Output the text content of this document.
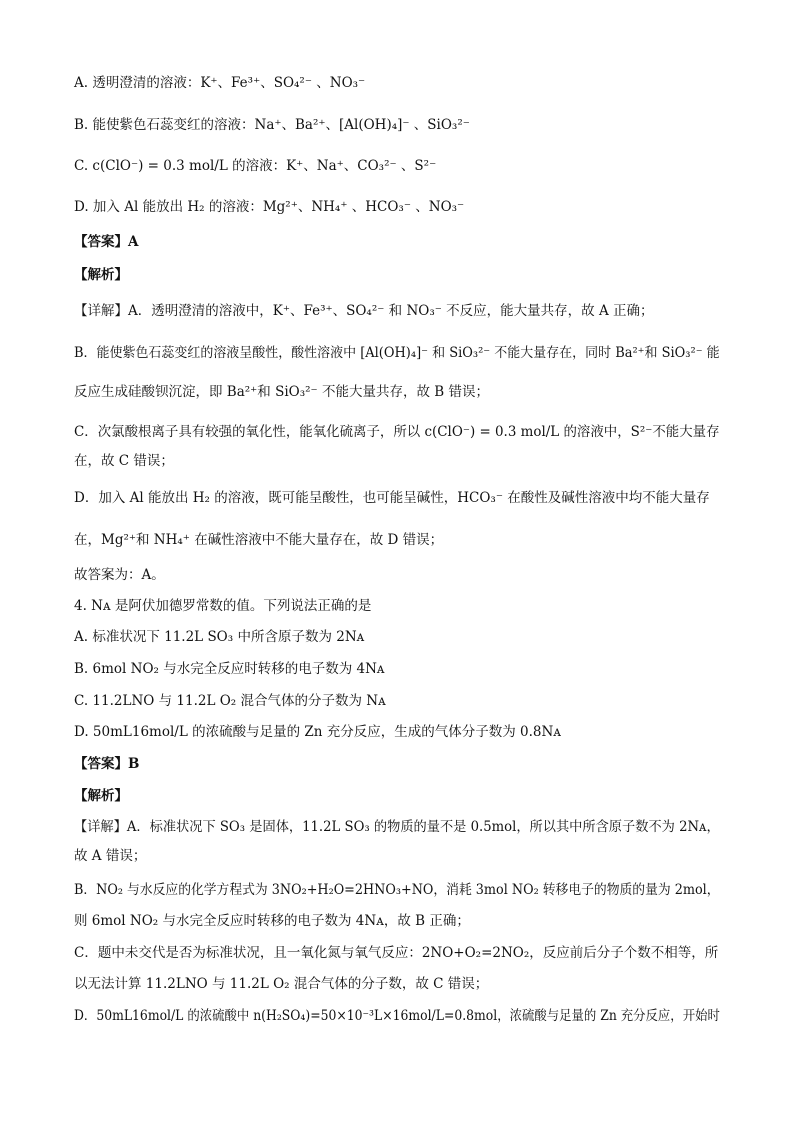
A. 透明澄清的溶液：K⁺、Fe³⁺、SO₄²⁻ 、NO₃⁻
B. 能使紫色石蕊变红的溶液：Na⁺、Ba²⁺、[Al(OH)₄]⁻ 、SiO₃²⁻
C. c(ClO⁻) = 0.3 mol/L 的溶液：K⁺、Na⁺、CO₃²⁻ 、S²⁻
D. 加入 Al 能放出 H₂ 的溶液：Mg²⁺、NH₄⁺ 、HCO₃⁻ 、NO₃⁻
【答案】A
【解析】
【详解】A．透明澄清的溶液中，K⁺、Fe³⁺、SO₄²⁻ 和 NO₃⁻ 不反应，能大量共存，故 A 正确；
B．能使紫色石蕊变红的溶液呈酸性，酸性溶液中 [Al(OH)₄]⁻ 和 SiO₃²⁻ 不能大量存在，同时 Ba²⁺和 SiO₃²⁻ 能
反应生成硅酸钡沉淀，即 Ba²⁺和 SiO₃²⁻ 不能大量共存，故 B 错误；
C．次氯酸根离子具有较强的氧化性，能氧化硫离子，所以 c(ClO⁻) = 0.3 mol/L 的溶液中，S²⁻不能大量存
在，故 C 错误；
D．加入 Al 能放出 H₂ 的溶液，既可能呈酸性，也可能呈碱性，HCO₃⁻ 在酸性及碱性溶液中均不能大量存
在，Mg²⁺和 NH₄⁺ 在碱性溶液中不能大量存在，故 D 错误；
故答案为：A。
4. Nᴀ 是阿伏加德罗常数的值。下列说法正确的是
A. 标准状况下 11.2L SO₃ 中所含原子数为 2Nᴀ
B. 6mol NO₂ 与水完全反应时转移的电子数为 4Nᴀ
C. 11.2LNO 与 11.2L O₂ 混合气体的分子数为 Nᴀ
D. 50mL16mol/L 的浓硫酸与足量的 Zn 充分反应，生成的气体分子数为 0.8Nᴀ
【答案】B
【解析】
【详解】A．标准状况下 SO₃ 是固体，11.2L SO₃ 的物质的量不是 0.5mol，所以其中所含原子数不为 2Nᴀ，
故 A 错误；
B．NO₂ 与水反应的化学方程式为 3NO₂+H₂O=2HNO₃+NO，消耗 3mol NO₂ 转移电子的物质的量为 2mol，
则 6mol NO₂ 与水完全反应时转移的电子数为 4Nᴀ，故 B 正确；
C．题中未交代是否为标准状况，且一氧化氮与氧气反应：2NO+O₂=2NO₂，反应前后分子个数不相等，所
以无法计算 11.2LNO 与 11.2L O₂ 混合气体的分子数，故 C 错误；
D．50mL16mol/L 的浓硫酸中 n(H₂SO₄)=50×10⁻³L×16mol/L=0.8mol，浓硫酸与足量的 Zn 充分反应，开始时
